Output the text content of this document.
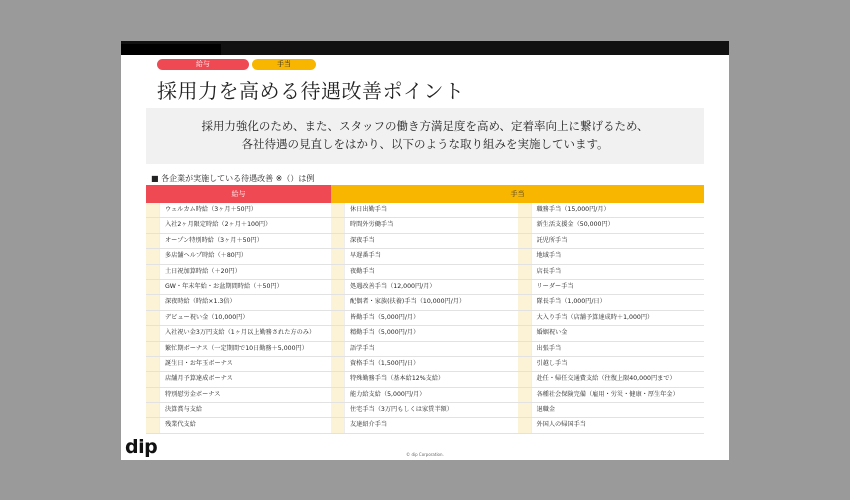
給与	手当
採用力を高める待遇改善ポイント
採用力強化のため、また、スタッフの働き方満足度を高め、定着率向上に繋げるため、
各社待遇の見直しをはかり、以下のような取り組みを実施しています。
■ 各企業が実施している待遇改善 ※（）は例
給与	手当
ウェルカム時給（3ヶ月＋50円）	休日出勤手当	職務手当（15,000円/月）
入社2ヶ月限定時給（2ヶ月＋100円）	時間外労働手当	新生活支援金（50,000円）
オープン特別時給（3ヶ月＋50円）	深夜手当	託児所手当
多店舗ヘルプ時給（＋80円）	早遅番手当	地域手当
土日祝加算時給（＋20円）	夜勤手当	店長手当
GW・年末年始・お盆期間時給（＋50円）	処遇改善手当（12,000円/月）	リーダー手当
深夜時給（時給×1.3倍）	配偶者・家族(扶養)手当（10,000円/月）	隊長手当（1,000円/日）
デビュー祝い金（10,000円）	皆勤手当（5,000円/月）	大入り手当（店舗予算達成時＋1,000円）
入社祝い金3万円支給（1ヶ月以上勤務された方のみ）	精勤手当（5,000円/月）	婚姻祝い金
繁忙期ボーナス（一定期間で10日勤務＋5,000円）	語学手当	出張手当
誕生日・お年玉ボーナス	資格手当（1,500円/日）	引越し手当
店舗月予算達成ボーナス	特殊勤務手当（基本給12%支給）	赴任・帰任交通費支給（往復上限40,000円まで）
特別慰労金ボーナス	能力給支給（5,000円/月）	各種社会保険完備（雇用・労災・健康・厚生年金）
決算賞与支給	住宅手当（3万円もしくは家賃半額）	退職金
残業代支給	友達紹介手当	外国人の帰国手当
© dip Corporation.
dip
